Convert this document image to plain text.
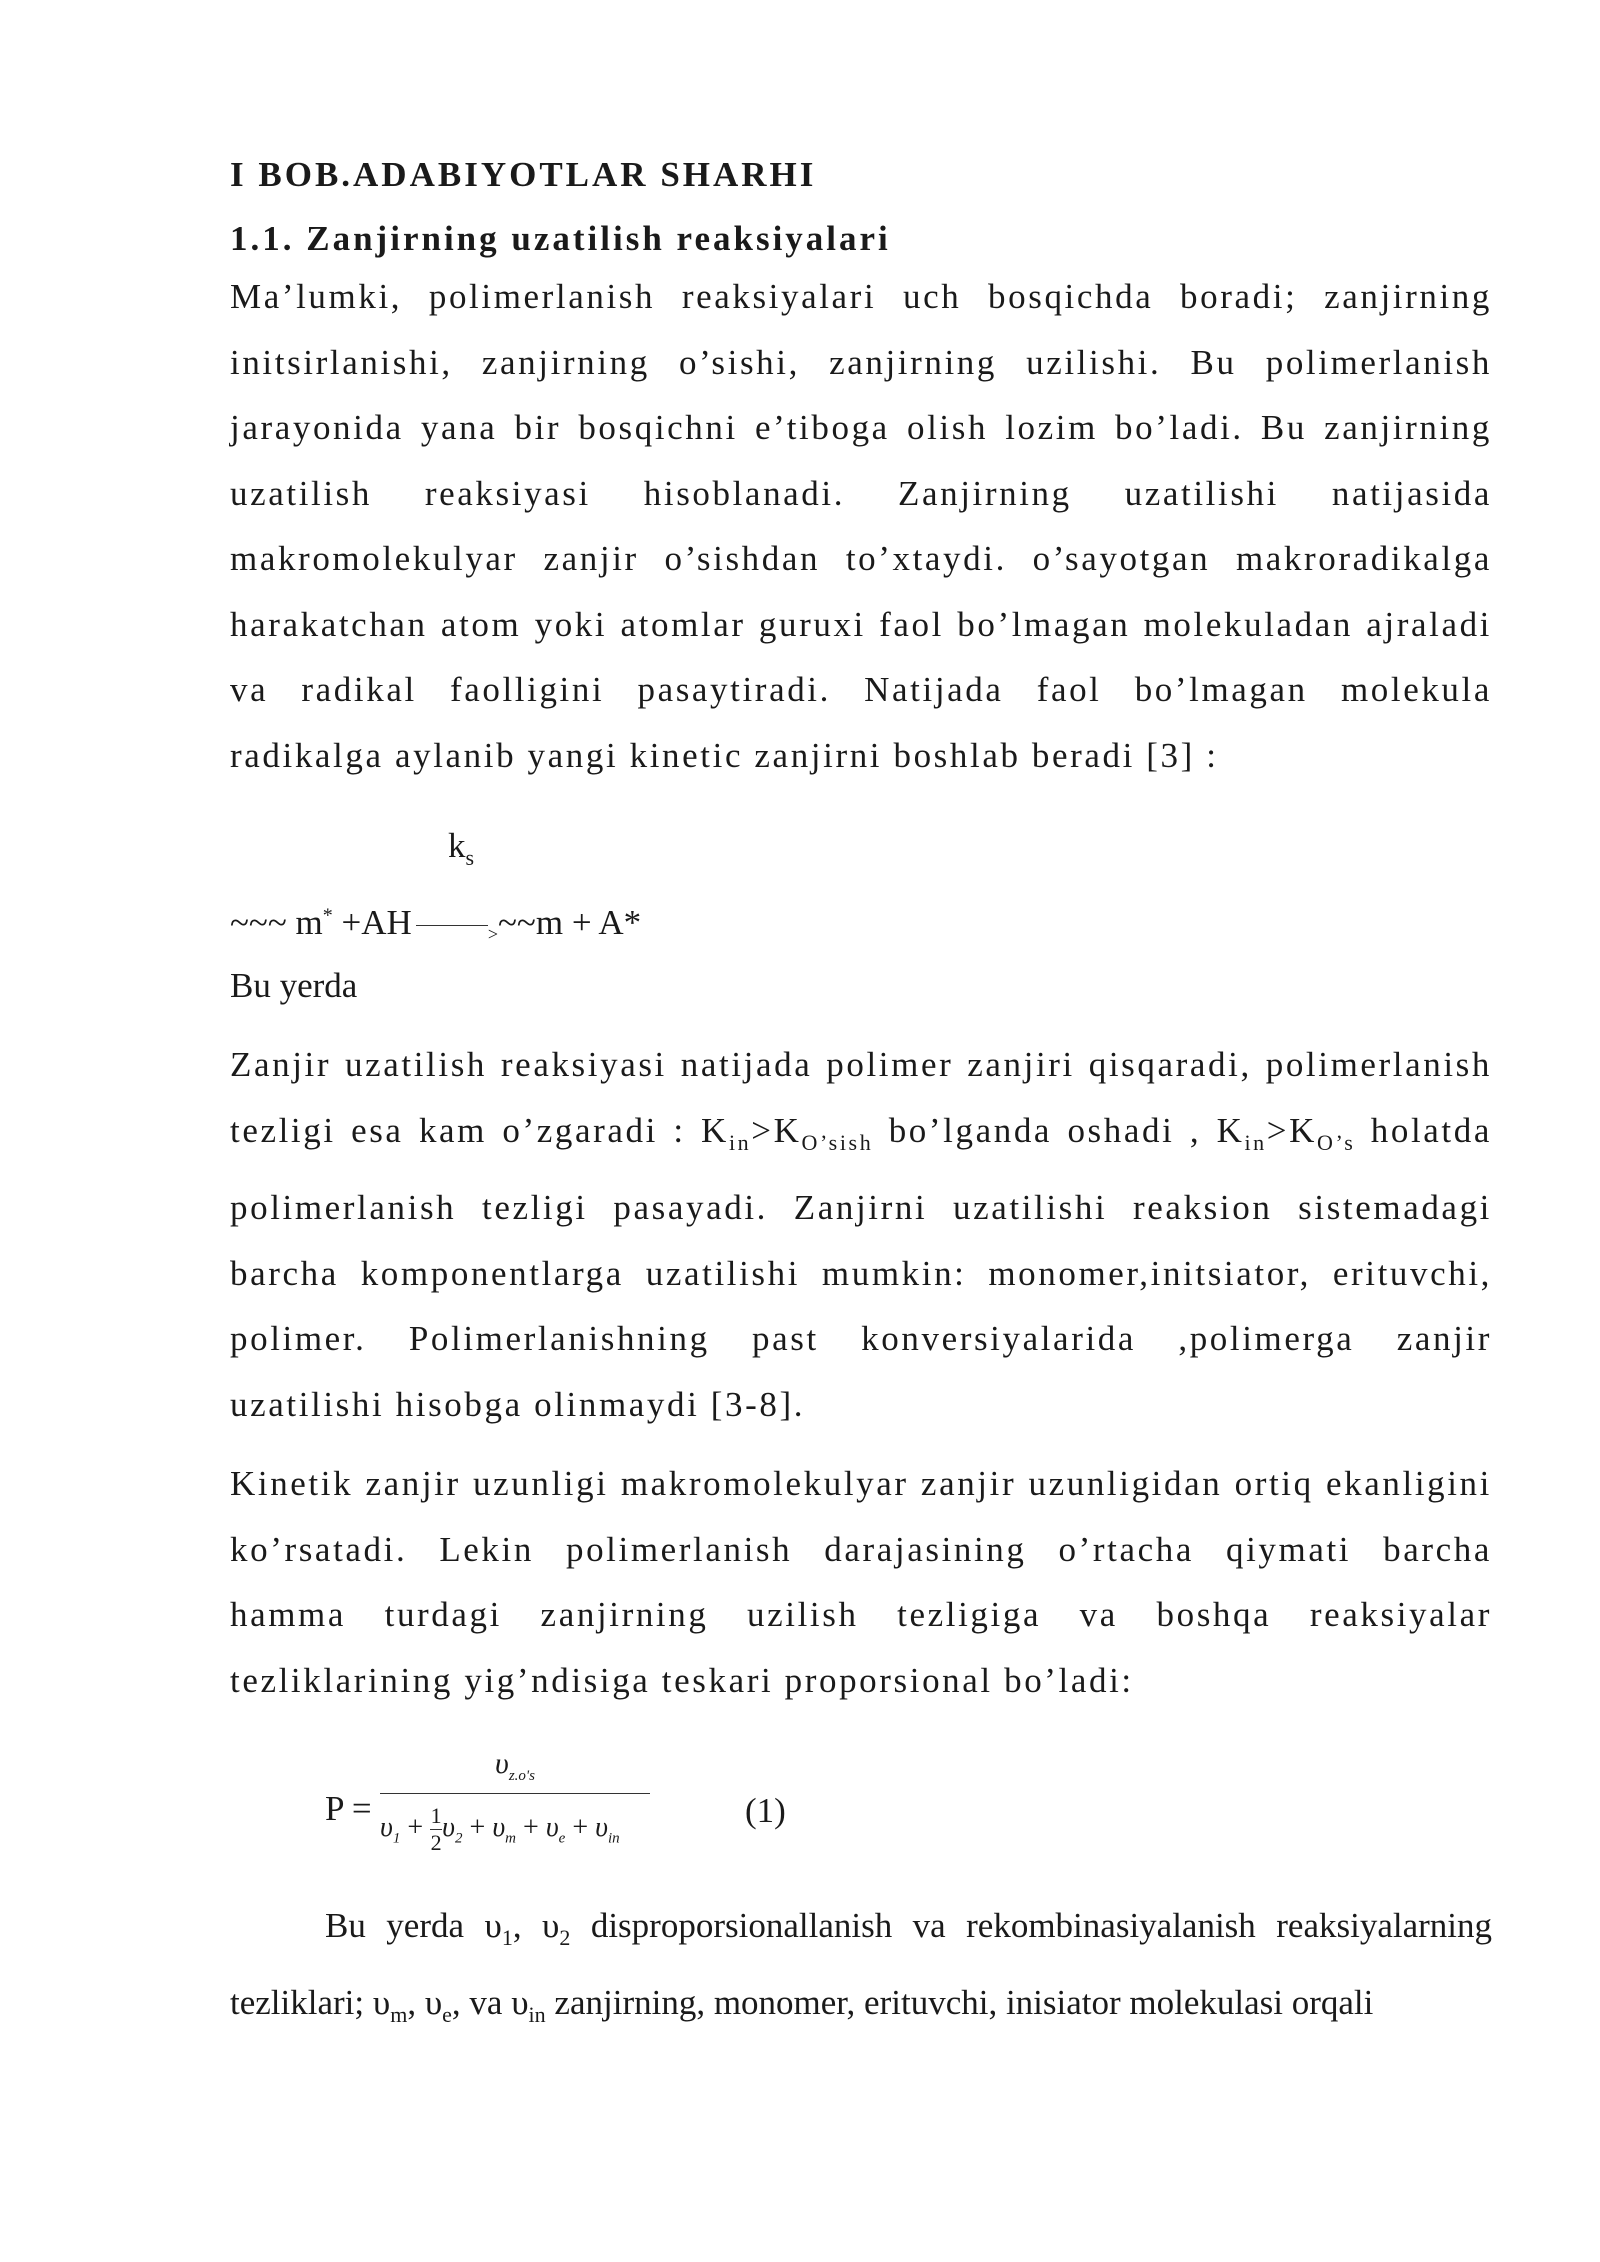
I BOB.ADABIYOTLAR SHARHI
1.1. Zanjirning uzatilish reaksiyalari

Ma’lumki, polimerlanish reaksiyalari uch bosqichda boradi; zanjirning initsirlanishi, zanjirning o’sishi, zanjirning uzilishi. Bu polimerlanish jarayonida yana bir bosqichni e’tiboga olish lozim bo’ladi. Bu zanjirning uzatilish reaksiyasi hisoblanadi. Zanjirning uzatilishi natijasida makromolekulyar zanjir o’sishdan to’xtaydi. o’sayotgan makroradikalga harakatchan atom yoki atomlar guruxi faol bo’lmagan molekuladan ajraladi va radikal faolligini pasaytiradi. Natijada faol bo’lmagan molekula radikalga aylanib yangi kinetic zanjirni boshlab beradi [3] :

$k_s$
~~~ m* +AH	>~~m + A*

Bu yerda

Zanjir uzatilish reaksiyasi natijada polimer zanjiri qisqaradi, polimerlanish tezligi esa kam o’zgaradi : $K_{in}>K_{O’sish}$ bo’lganda oshadi , $K_{in}>K_{O’s}$ holatda polimerlanish tezligi pasayadi. Zanjirni uzatilishi reaksion sistemadagi barcha komponentlarga uzatilishi mumkin: monomer,initsiator, erituvchi, polimer. Polimerlanishning past konversiyalarida ,polimerga zanjir uzatilishi hisobga olinmaydi [3-8].

Kinetik zanjir uzunligi makromolekulyar zanjir uzunligidan ortiq ekanligini ko’rsatadi. Lekin polimerlanish darajasining o’rtacha qiymati barcha hamma turdagi zanjirning uzilish tezligiga va boshqa reaksiyalar tezliklarining yig’ndisiga teskari proporsional bo’ladi:

P =
$\upsilon_{z.o's}$
$\upsilon_1 + \frac{1}{2}\upsilon_2 + \upsilon_m + \upsilon_e + \upsilon_{in}$
(1)

Bu yerda $\upsilon_1$, $\upsilon_2$ disproporsionallanish va rekombinasiyalanish reaksiyalarning tezliklari; $\upsilon_m$, $\upsilon_e$, va $\upsilon_{in}$ zanjirning, monomer, erituvchi, inisiator molekulasi orqali
